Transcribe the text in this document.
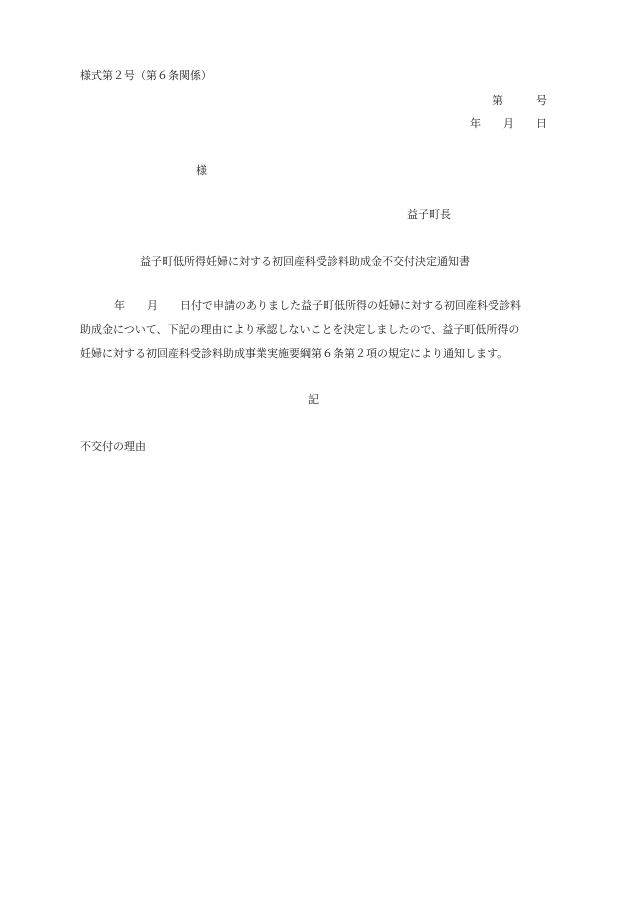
様式第２号（第６条関係）
第　　　号
年　　月　　日
様
益子町長
益子町低所得妊婦に対する初回産科受診料助成金不交付決定通知書
年　　月　　日付で申請のありました益子町低所得の妊婦に対する初回産科受診料
助成金について、下記の理由により承認しないことを決定しましたので、益子町低所得の
妊婦に対する初回産科受診料助成事業実施要綱第６条第２項の規定により通知します。
記
不交付の理由
